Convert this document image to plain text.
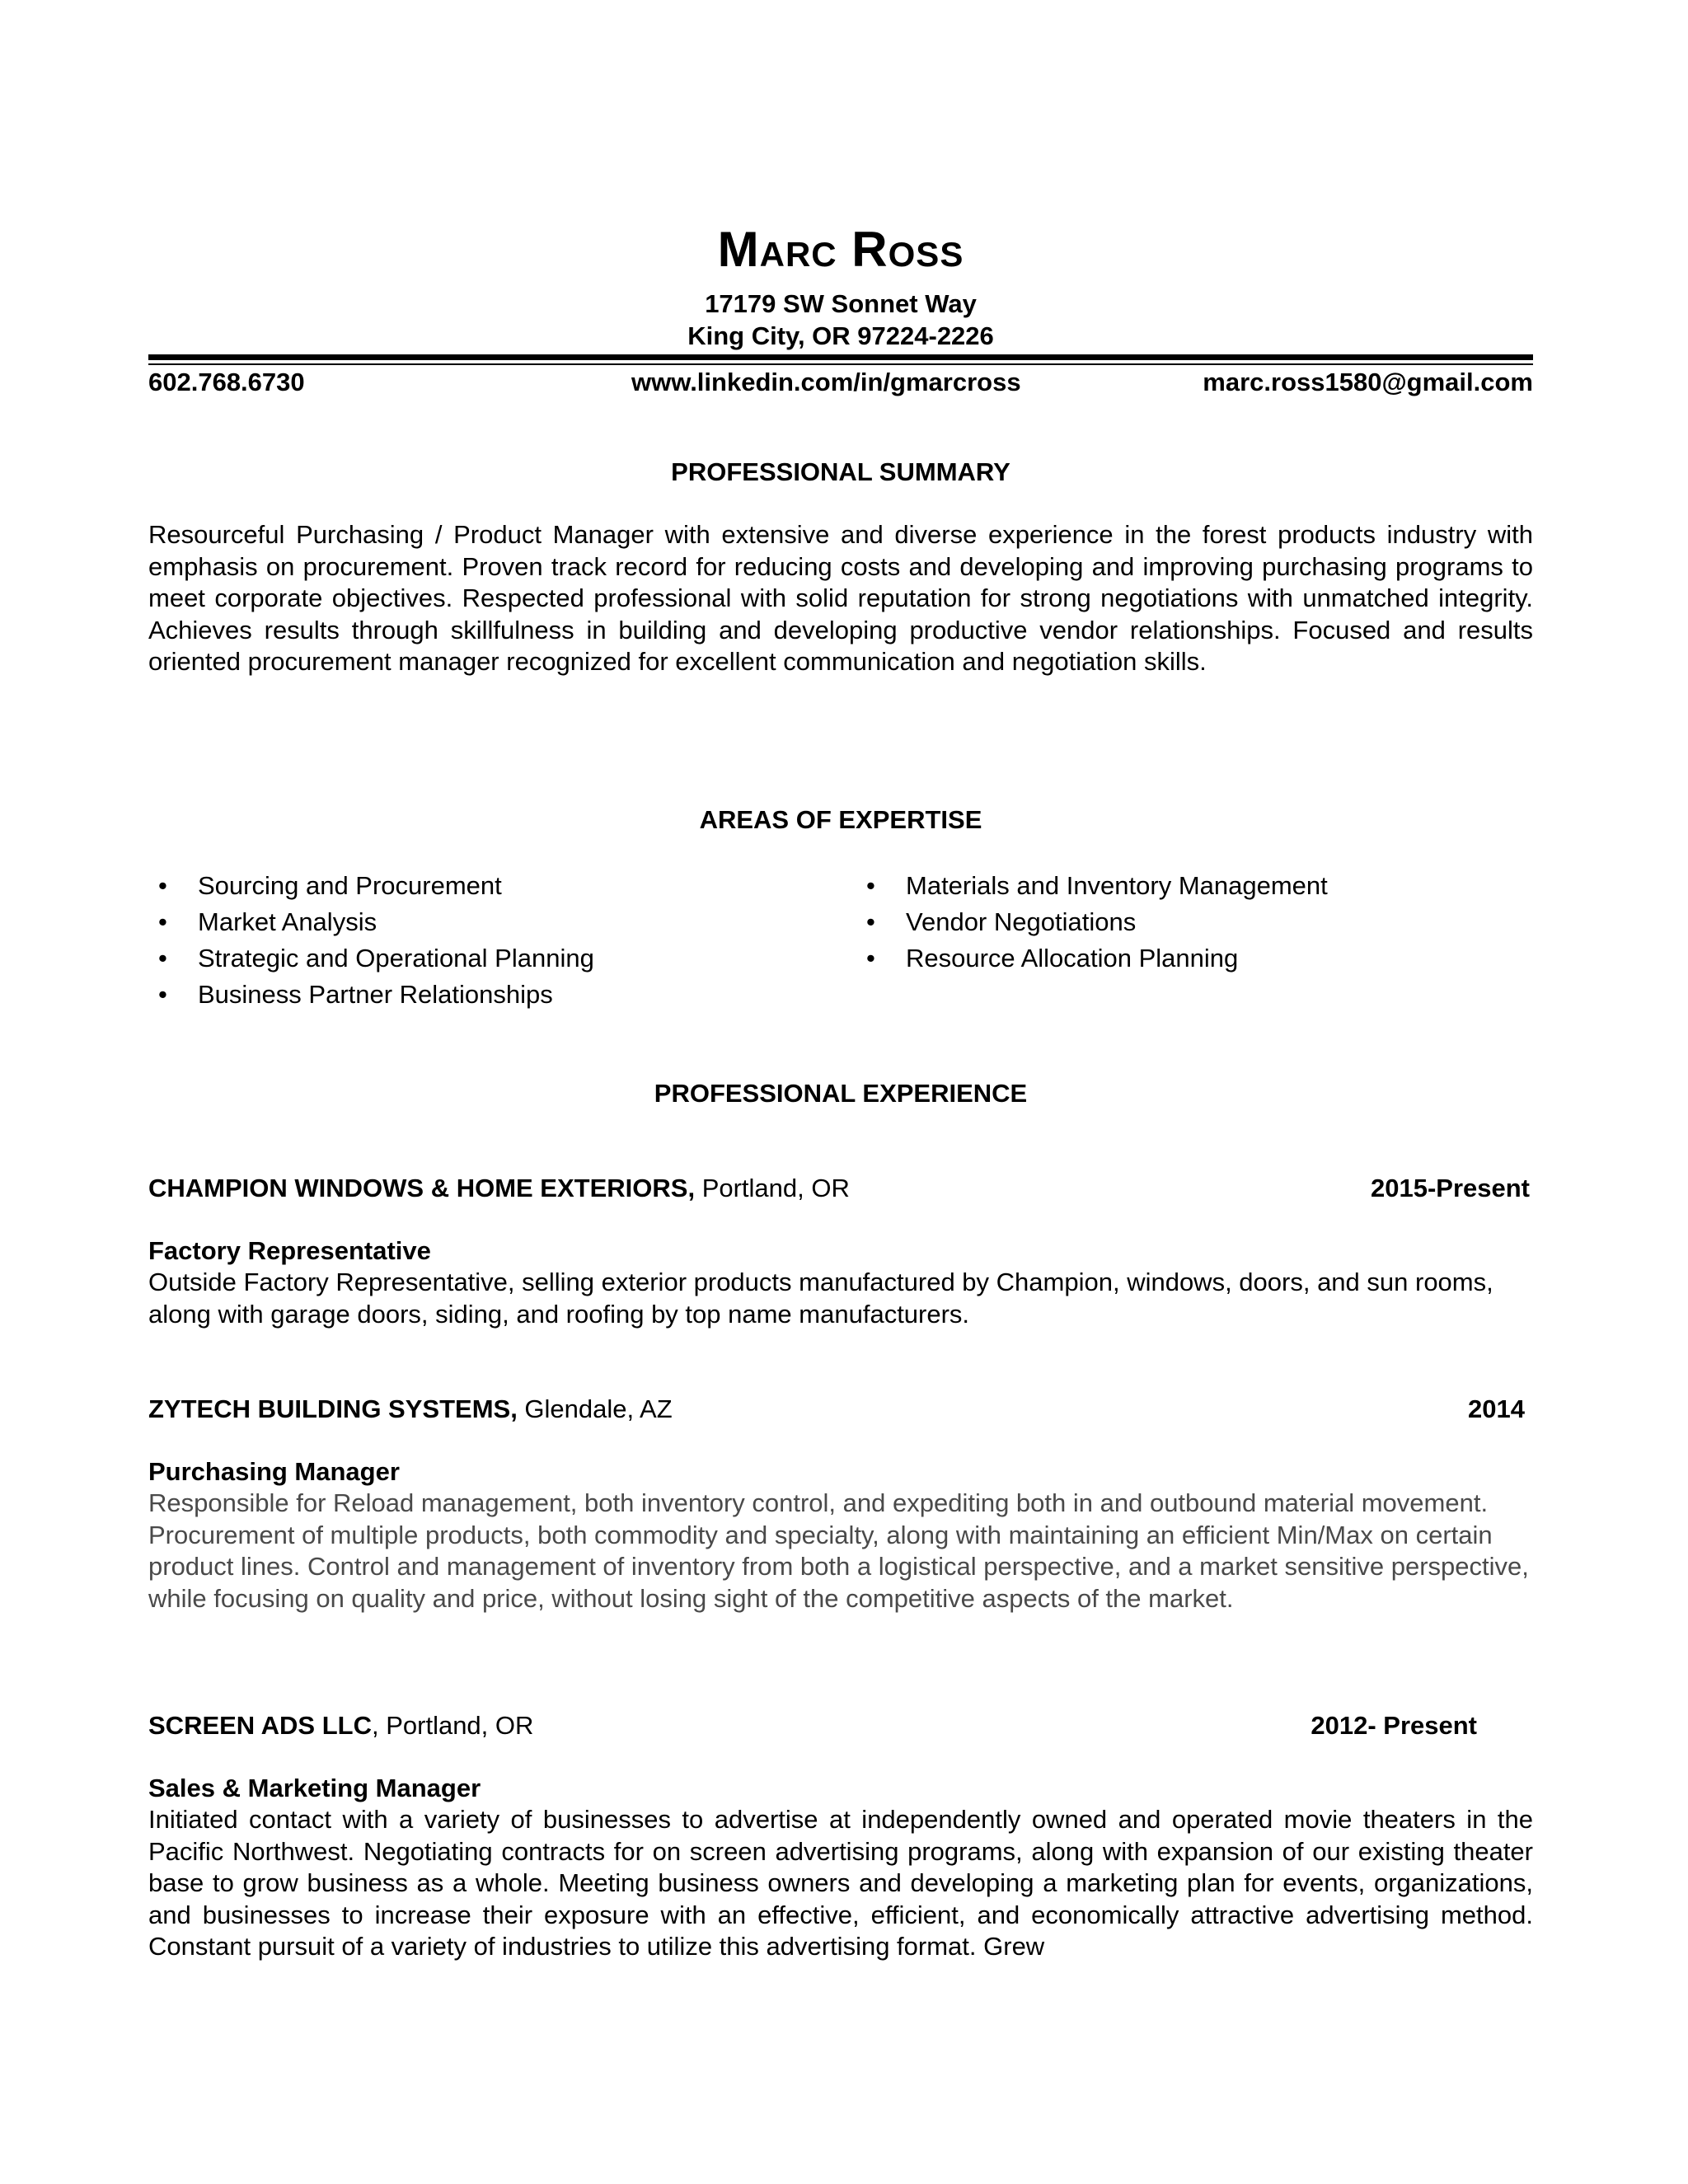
Marc Ross
17179 SW Sonnet Way
King City, OR 97224-2226
602.768.6730	www.linkedin.com/in/gmarcross	marc.ross1580@gmail.com
PROFESSIONAL SUMMARY
Resourceful Purchasing / Product Manager with extensive and diverse experience in the forest products industry with emphasis on procurement. Proven track record for reducing costs and developing and improving purchasing programs to meet corporate objectives. Respected professional with solid reputation for strong negotiations with unmatched integrity. Achieves results through skillfulness in building and developing productive vendor relationships. Focused and results oriented procurement manager recognized for excellent communication and negotiation skills.
AREAS OF EXPERTISE
• Sourcing and Procurement
• Market Analysis
• Strategic and Operational Planning
• Business Partner Relationships
• Materials and Inventory Management
• Vendor Negotiations
• Resource Allocation Planning
PROFESSIONAL EXPERIENCE
CHAMPION WINDOWS & HOME EXTERIORS, Portland, OR	2015-Present
Factory Representative
Outside Factory Representative, selling exterior products manufactured by Champion, windows, doors, and sun rooms, along with garage doors, siding, and roofing by top name manufacturers.
ZYTECH BUILDING SYSTEMS, Glendale, AZ	2014
Purchasing Manager
Responsible for Reload management, both inventory control, and expediting both in and outbound material movement. Procurement of multiple products, both commodity and specialty, along with maintaining an efficient Min/Max on certain product lines. Control and management of inventory from both a logistical perspective, and a market sensitive perspective, while focusing on quality and price, without losing sight of the competitive aspects of the market.
SCREEN ADS LLC, Portland, OR	2012- Present
Sales & Marketing Manager
Initiated contact with a variety of businesses to advertise at independently owned and operated movie theaters in the Pacific Northwest. Negotiating contracts for on screen advertising programs, along with expansion of our existing theater base to grow business as a whole. Meeting business owners and developing a marketing plan for events, organizations, and businesses to increase their exposure with an effective, efficient, and economically attractive advertising method. Constant pursuit of a variety of industries to utilize this advertising format. Grew
